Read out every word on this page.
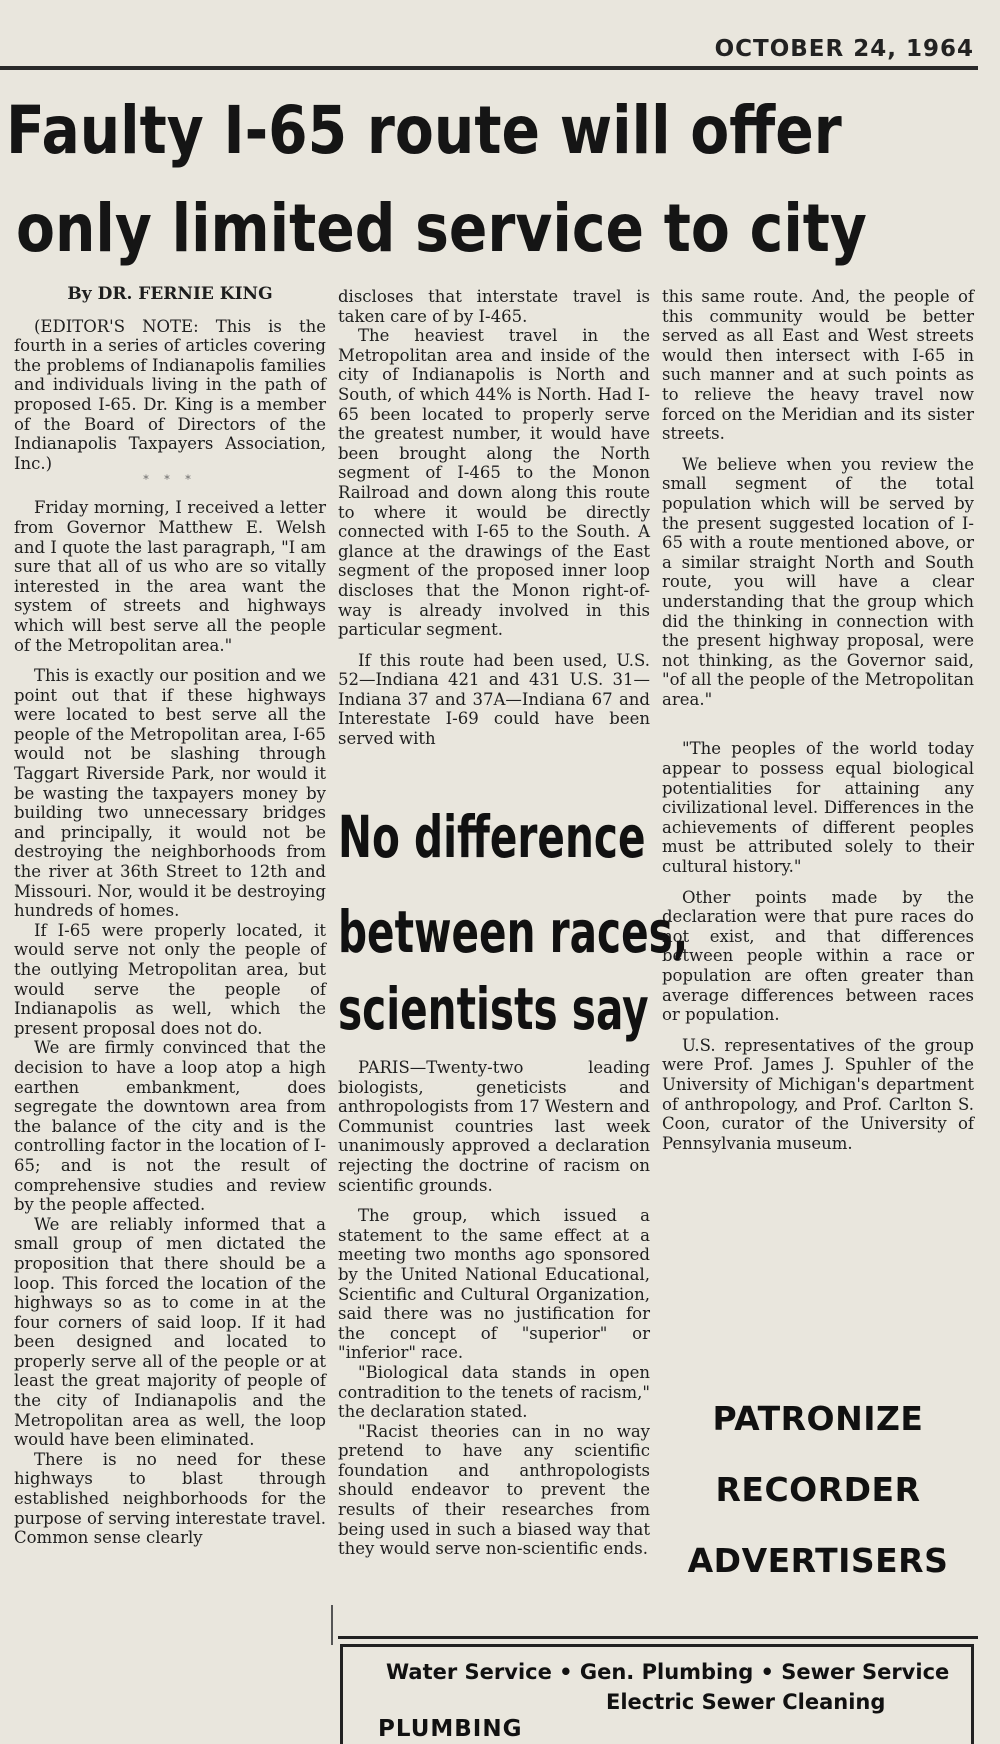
OCTOBER 24, 1964
Faulty I-65 route will offer
only limited service to city

By DR. FERNIE KING

(EDITOR'S NOTE: This is the fourth in a series of articles covering the problems of Indianapolis families and individuals living in the path of proposed I-65. Dr. King is a member of the Board of Directors of the Indianapolis Taxpayers Association, Inc.)

* * *

Friday morning, I received a letter from Governor Matthew E. Welsh and I quote the last paragraph, "I am sure that all of us who are so vitally interested in the area want the system of streets and highways which will best serve all the people of the Metropolitan area."

This is exactly our position and we point out that if these highways were located to best serve all the people of the Metropolitan area, I-65 would not be slashing through Taggart Riverside Park, nor would it be wasting the taxpayers money by building two unnecessary bridges and principally, it would not be destroying the neighborhoods from the river at 36th Street to 12th and Missouri. Nor, would it be destroying hundreds of homes.

If I-65 were properly located, it would serve not only the people of the outlying Metropolitan area, but would serve the people of Indianapolis as well, which the present proposal does not do.

We are firmly convinced that the decision to have a loop atop a high earthen embankment, does segregate the downtown area from the balance of the city and is the controlling factor in the location of I-65; and is not the result of comprehensive studies and review by the people affected.

We are reliably informed that a small group of men dictated the proposition that there should be a loop. This forced the location of the highways so as to come in at the four corners of said loop. If it had been designed and located to properly serve all of the people or at least the great majority of people of the city of Indianapolis and the Metropolitan area as well, the loop would have been eliminated.

There is no need for these highways to blast through established neighborhoods for the purpose of serving interestate travel. Common sense clearly

discloses that interstate travel is taken care of by I-465.

The heaviest travel in the Metropolitan area and inside of the city of Indianapolis is North and South, of which 44% is North. Had I-65 been located to properly serve the greatest number, it would have been brought along the North segment of I-465 to the Monon Railroad and down along this route to where it would be directly connected with I-65 to the South. A glance at the drawings of the East segment of the proposed inner loop discloses that the Monon right-of-way is already involved in this particular segment.

If this route had been used, U.S. 52—Indiana 421 and 431 U.S. 31—Indiana 37 and 37A—Indiana 67 and Interestate I-69 could have been served with

this same route. And, the people of this community would be better served as all East and West streets would then intersect with I-65 in such manner and at such points as to relieve the heavy travel now forced on the Meridian and its sister streets.

We believe when you review the small segment of the total population which will be served by the present suggested location of I-65 with a route mentioned above, or a similar straight North and South route, you will have a clear understanding that the group which did the thinking in connection with the present highway proposal, were not thinking, as the Governor said, "of all the people of the Metropolitan area."

"The peoples of the world today appear to possess equal biological potentialities for attaining any civilizational level. Differences in the achievements of different peoples must be attributed solely to their cultural history."

Other points made by the declaration were that pure races do not exist, and that differences between people within a race or population are often greater than average differences between races or population.

U.S. representatives of the group were Prof. James J. Spuhler of the University of Michigan's department of anthropology, and Prof. Carlton S. Coon, curator of the University of Pennsylvania museum.

No difference
between races,
scientists say

PARIS—Twenty-two leading biologists, geneticists and anthropologists from 17 Western and Communist countries last week unanimously approved a declaration rejecting the doctrine of racism on scientific grounds.

The group, which issued a statement to the same effect at a meeting two months ago sponsored by the United National Educational, Scientific and Cultural Organization, said there was no justification for the concept of "superior" or "inferior" race.

"Biological data stands in open contradition to the tenets of racism," the declaration stated.

"Racist theories can in no way pretend to have any scientific foundation and anthropologists should endeavor to prevent the results of their researches from being used in such a biased way that they would serve non-scientific ends.

PATRONIZE
RECORDER
ADVERTISERS
Water Service • Gen. Plumbing • Sewer Service
Electric Sewer Cleaning
PLUMBING
